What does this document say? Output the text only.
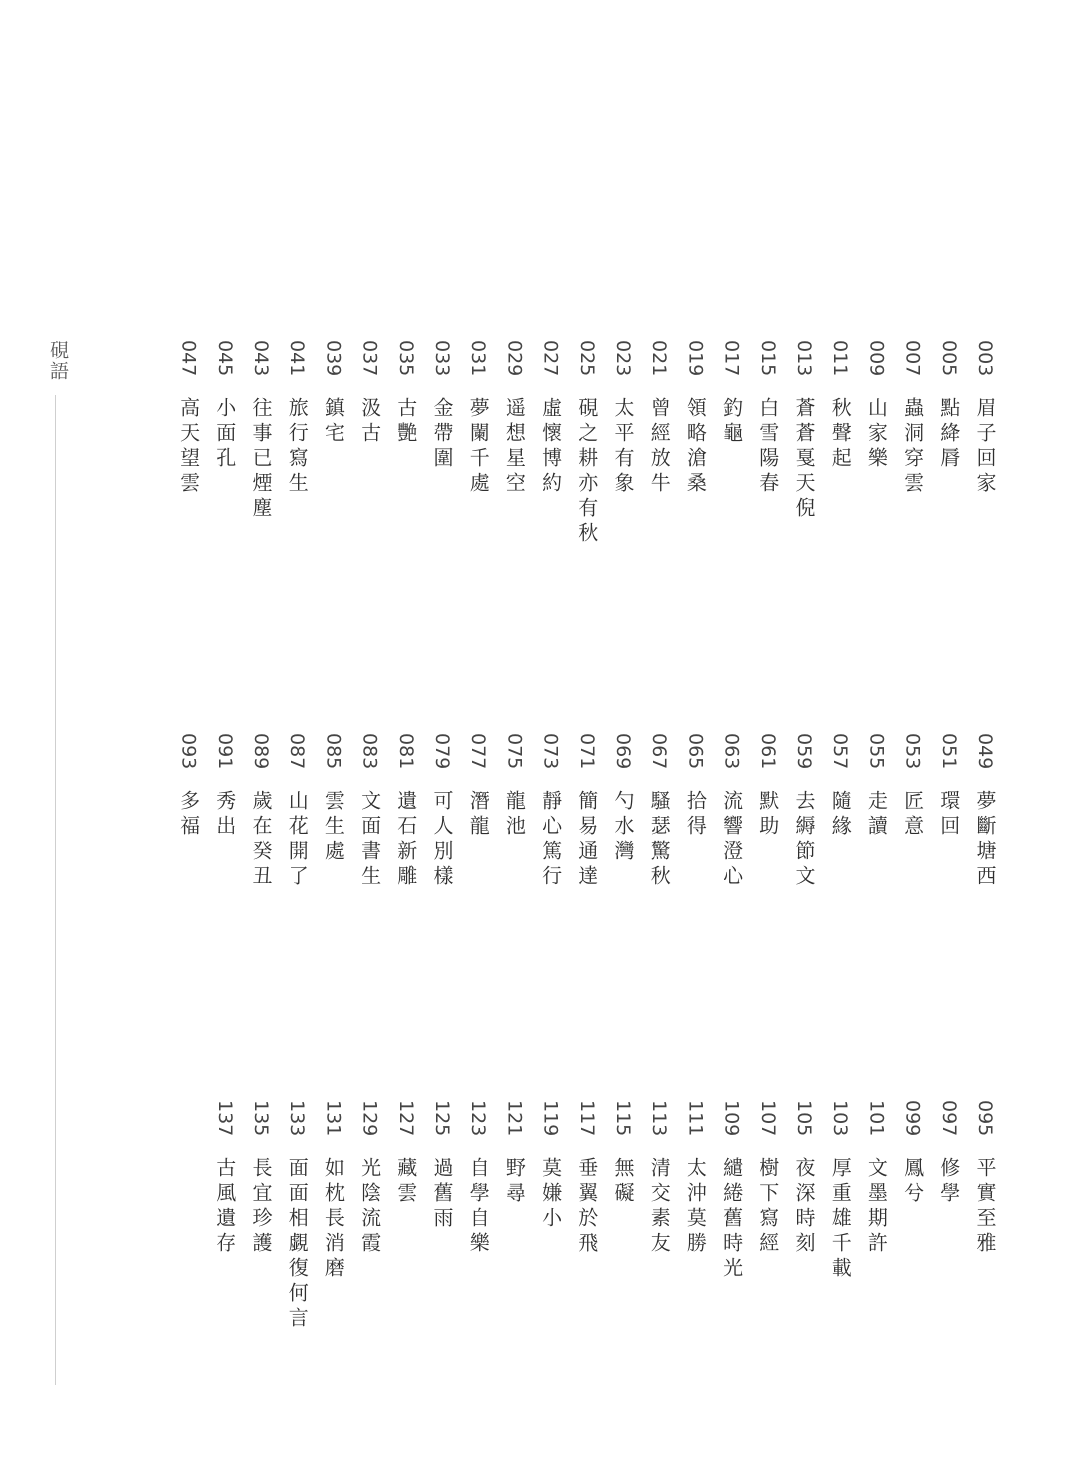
硯語	003
眉子回家
005
點絳脣
007
蟲洞穿雲
009
山家樂
011
秋聲起
013
蒼蒼戛天倪
015
白雪陽春
017
釣龜
019
領略滄桑
021
曾經放牛
023
太平有象
025
硯之耕亦有秋
027
虛懷博約
029
遥想星空
031
夢闌千處
033
金帶圍
035
古艷
037
汲古
039
鎮宅
041
旅行寫生
043
往事已煙塵
045
小面孔
047
高天望雲
049
夢斷塘西
051
環回
053
匠意
055
走讀
057
隨緣
059
去縟節文
061
默助
063
流響澄心
065
拾得
067
騷瑟驚秋
069
勺水灣
071
簡易通達
073
靜心篤行
075
龍池
077
潛龍
079
可人別樣
081
遺石新雕
083
文面書生
085
雲生處
087
山花開了
089
歲在癸丑
091
秀出
093
多福
095
平實至雅
097
修學
099
鳳兮
101
文墨期許
103
厚重雄千載
105
夜深時刻
107
樹下寫經
109
繾綣舊時光
111
太沖莫勝
113
清交素友
115
無礙
117
垂翼於飛
119
莫嫌小
121
野尋
123
自學自樂
125
過舊雨
127
藏雲
129
光陰流霞
131
如枕長消磨
133
面面相覷復何言
135
長宜珍護
137
古風遺存
